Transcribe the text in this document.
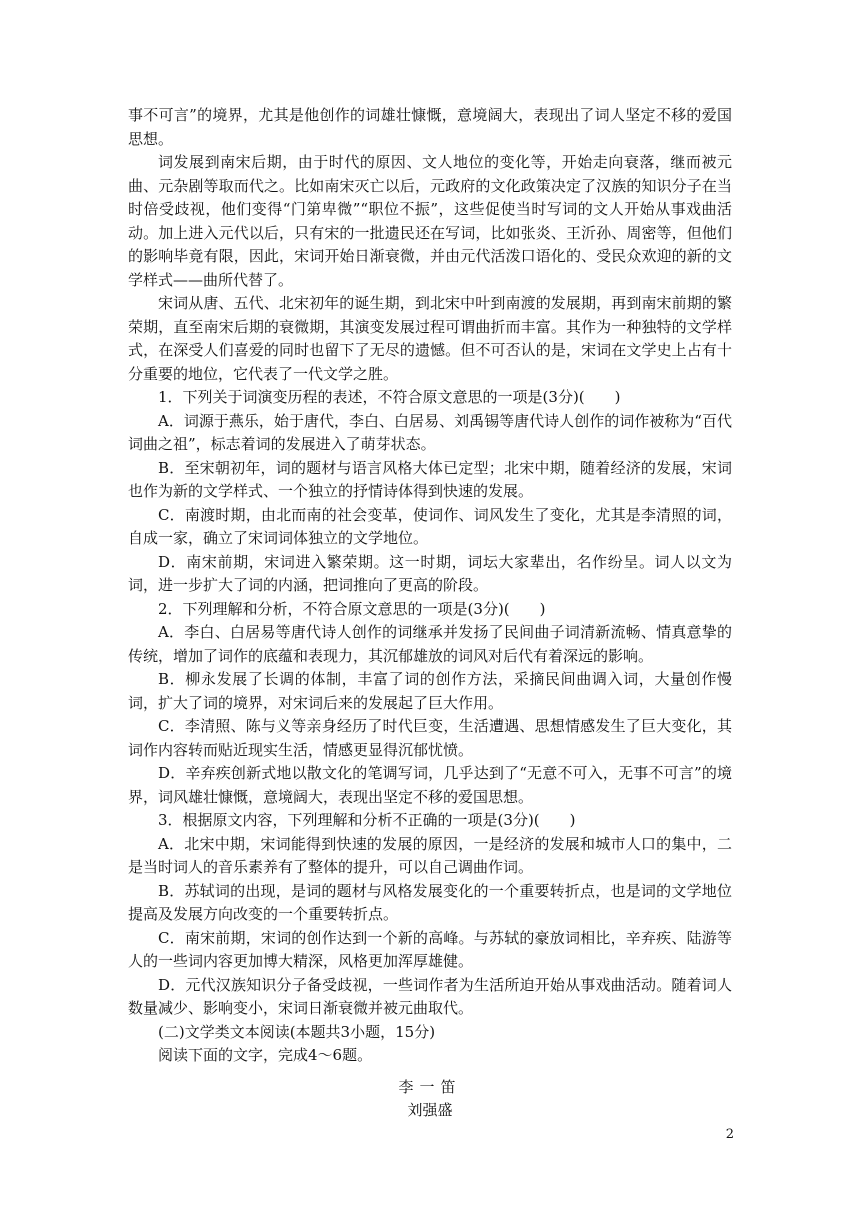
事不可言”的境界，尤其是他创作的词雄壮慷慨，意境阔大，表现出了词人坚定不移的爱国思想。

词发展到南宋后期，由于时代的原因、文人地位的变化等，开始走向衰落，继而被元曲、元杂剧等取而代之。比如南宋灭亡以后，元政府的文化政策决定了汉族的知识分子在当时倍受歧视，他们变得“门第卑微”“职位不振”，这些促使当时写词的文人开始从事戏曲活动。加上进入元代以后，只有宋的一批遗民还在写词，比如张炎、王沂孙、周密等，但他们的影响毕竟有限，因此，宋词开始日渐衰微，并由元代活泼口语化的、受民众欢迎的新的文学样式——曲所代替了。

宋词从唐、五代、北宋初年的诞生期，到北宋中叶到南渡的发展期，再到南宋前期的繁荣期，直至南宋后期的衰微期，其演变发展过程可谓曲折而丰富。其作为一种独特的文学样式，在深受人们喜爱的同时也留下了无尽的遗憾。但不可否认的是，宋词在文学史上占有十分重要的地位，它代表了一代文学之胜。

1．下列关于词演变历程的表述，不符合原文意思的一项是(3分)(　　)

A．词源于燕乐，始于唐代，李白、白居易、刘禹锡等唐代诗人创作的词作被称为“百代词曲之祖”，标志着词的发展进入了萌芽状态。

B．至宋朝初年，词的题材与语言风格大体已定型；北宋中期，随着经济的发展，宋词也作为新的文学样式、一个独立的抒情诗体得到快速的发展。

C．南渡时期，由北而南的社会变革，使词作、词风发生了变化，尤其是李清照的词，自成一家，确立了宋词词体独立的文学地位。

D．南宋前期，宋词进入繁荣期。这一时期，词坛大家辈出，名作纷呈。词人以文为词，进一步扩大了词的内涵，把词推向了更高的阶段。

2．下列理解和分析，不符合原文意思的一项是(3分)(　　)

A．李白、白居易等唐代诗人创作的词继承并发扬了民间曲子词清新流畅、情真意挚的传统，增加了词作的底蕴和表现力，其沉郁雄放的词风对后代有着深远的影响。

B．柳永发展了长调的体制，丰富了词的创作方法，采摘民间曲调入词，大量创作慢词，扩大了词的境界，对宋词后来的发展起了巨大作用。

C．李清照、陈与义等亲身经历了时代巨变，生活遭遇、思想情感发生了巨大变化，其词作内容转而贴近现实生活，情感更显得沉郁忧愤。

D．辛弃疾创新式地以散文化的笔调写词，几乎达到了“无意不可入，无事不可言”的境界，词风雄壮慷慨，意境阔大，表现出坚定不移的爱国思想。

3．根据原文内容，下列理解和分析不正确的一项是(3分)(　　)

A．北宋中期，宋词能得到快速的发展的原因，一是经济的发展和城市人口的集中，二是当时词人的音乐素养有了整体的提升，可以自己调曲作词。

B．苏轼词的出现，是词的题材与风格发展变化的一个重要转折点，也是词的文学地位提高及发展方向改变的一个重要转折点。

C．南宋前期，宋词的创作达到一个新的高峰。与苏轼的豪放词相比，辛弃疾、陆游等人的一些词内容更加博大精深，风格更加浑厚雄健。

D．元代汉族知识分子备受歧视，一些词作者为生活所迫开始从事戏曲活动。随着词人数量减少、影响变小，宋词日渐衰微并被元曲取代。

(二)文学类文本阅读(本题共3小题，15分)

阅读下面的文字，完成4～6题。

李一笛

刘强盛

2
